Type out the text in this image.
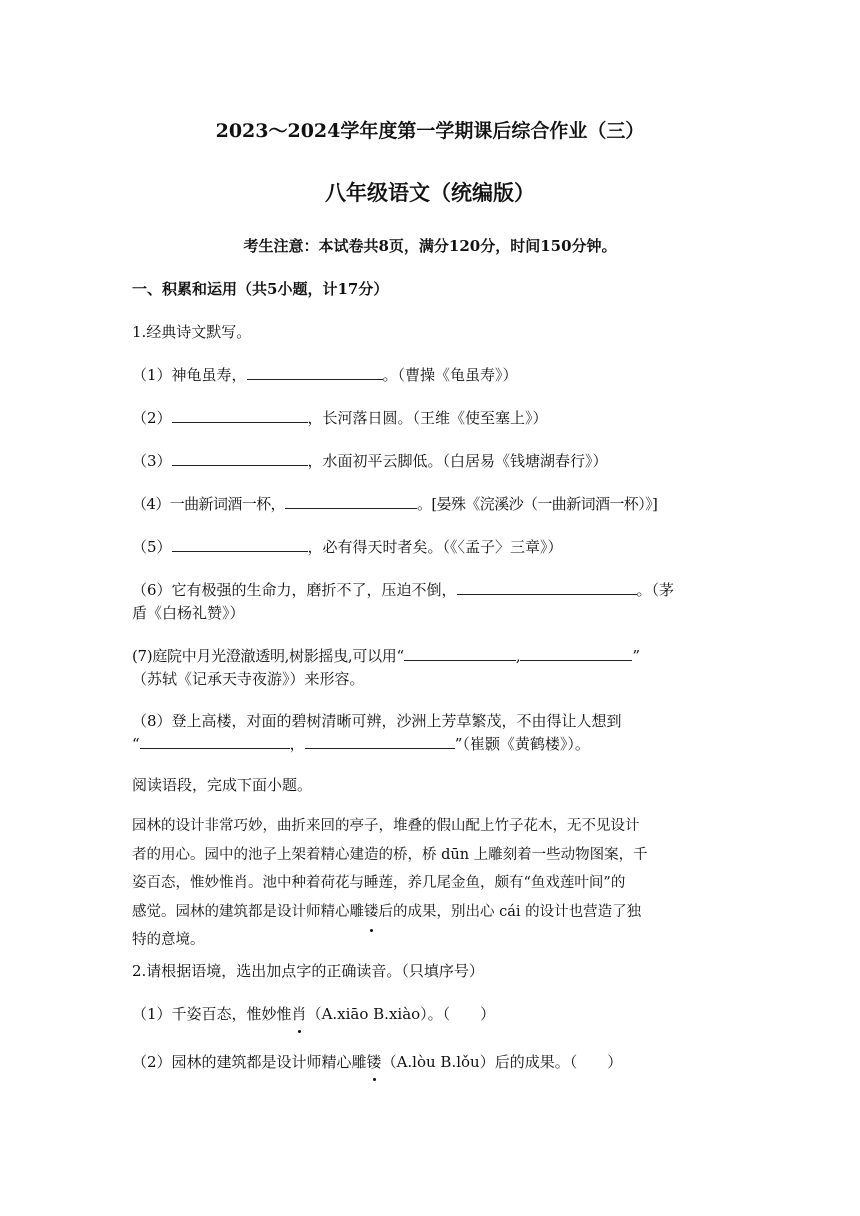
2023～2024学年度第一学期课后综合作业（三）
八年级语文（统编版）
考生注意：本试卷共8页，满分120分，时间150分钟。
一、积累和运用（共5小题，计17分）
1.经典诗文默写。
（1）神龟虽寿，	。（曹操《龟虽寿》）
（2）	，长河落日圆。（王维《使至塞上》）
（3）	，水面初平云脚低。（白居易《钱塘湖春行》）
（4）一曲新词酒一杯，	。[晏殊《浣溪沙（一曲新词酒一杯）》]
（5）	，必有得天时者矣。（《〈孟子〉三章》）
（6）它有极强的生命力，磨折不了，压迫不倒，	。（茅
盾《白杨礼赞》）
(7)庭院中月光澄澈透明,树影摇曳,可以用“	,	”
（苏轼《记承天寺夜游》）来形容。
（8）登上高楼，对面的碧树清晰可辨，沙洲上芳草繁茂，不由得让人想到
“	，	”（崔颢《黄鹤楼》）。
阅读语段，完成下面小题。
园林的设计非常巧妙，曲折来回的亭子，堆叠的假山配上竹子花木，无不见设计
者的用心。园中的池子上架着精心建造的桥，桥 dūn 上雕刻着一些动物图案，千
姿百态，惟妙惟肖。池中种着荷花与睡莲，养几尾金鱼，颇有“鱼戏莲叶间”的
感觉。园林的建筑都是设计师精心雕镂后的成果，别出心 cái 的设计也营造了独
特的意境。
2.请根据语境，选出加点字的正确读音。（只填序号）
（1）千姿百态，惟妙惟肖（A.xiāo B.xiào）。（　　）
（2）园林的建筑都是设计师精心雕镂（A.lòu B.lǒu）后的成果。（　　）
